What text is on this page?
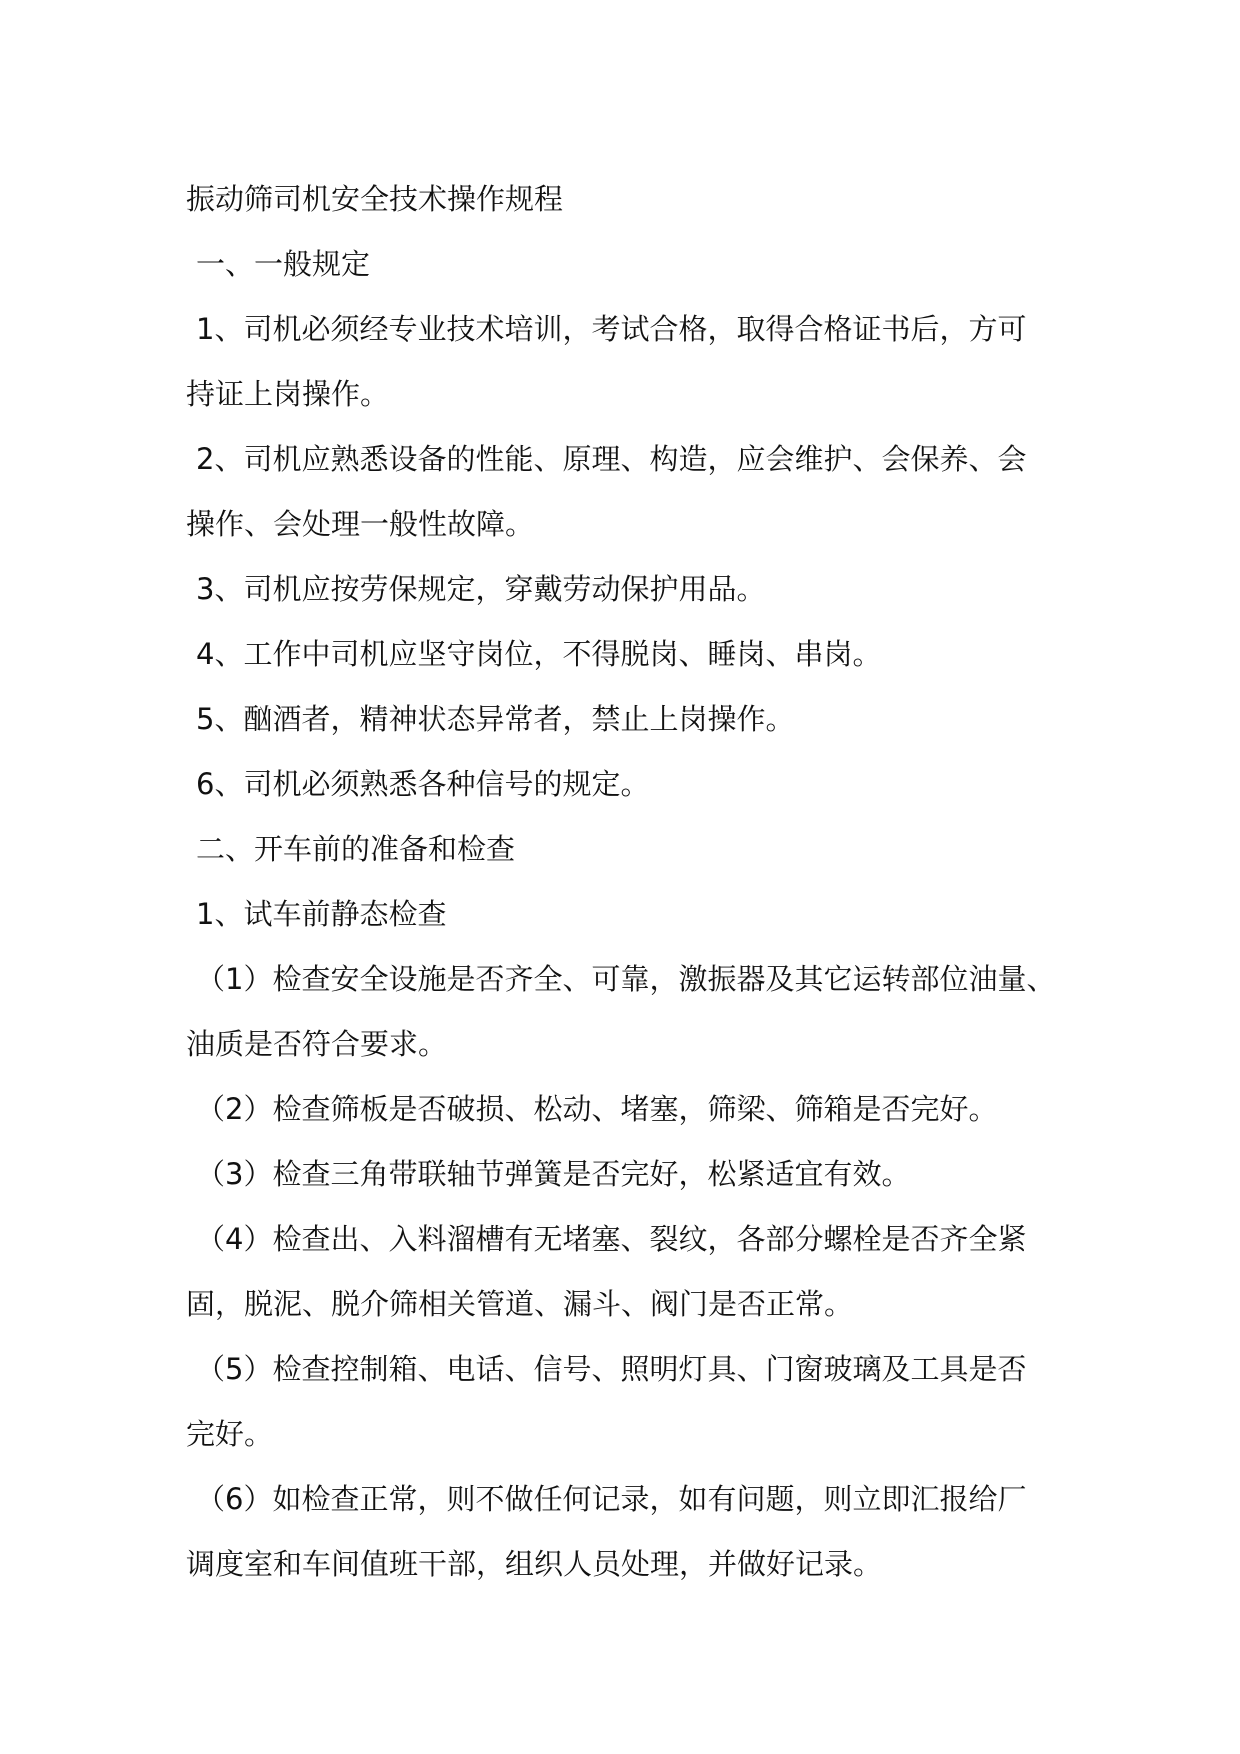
振动筛司机安全技术操作规程
一、一般规定
1、司机必须经专业技术培训，考试合格，取得合格证书后，方可
持证上岗操作。
2、司机应熟悉设备的性能、原理、构造，应会维护、会保养、会
操作、会处理一般性故障。
3、司机应按劳保规定，穿戴劳动保护用品。
4、工作中司机应坚守岗位，不得脱岗、睡岗、串岗。
5、酗酒者，精神状态异常者，禁止上岗操作。
6、司机必须熟悉各种信号的规定。
二、开车前的准备和检查
1、试车前静态检查
（1）检查安全设施是否齐全、可靠，激振器及其它运转部位油量、
油质是否符合要求。
（2）检查筛板是否破损、松动、堵塞，筛梁、筛箱是否完好。
（3）检查三角带联轴节弹簧是否完好，松紧适宜有效。
（4）检查出、入料溜槽有无堵塞、裂纹，各部分螺栓是否齐全紧
固，脱泥、脱介筛相关管道、漏斗、阀门是否正常。
（5）检查控制箱、电话、信号、照明灯具、门窗玻璃及工具是否
完好。
（6）如检查正常，则不做任何记录，如有问题，则立即汇报给厂
调度室和车间值班干部，组织人员处理，并做好记录。
